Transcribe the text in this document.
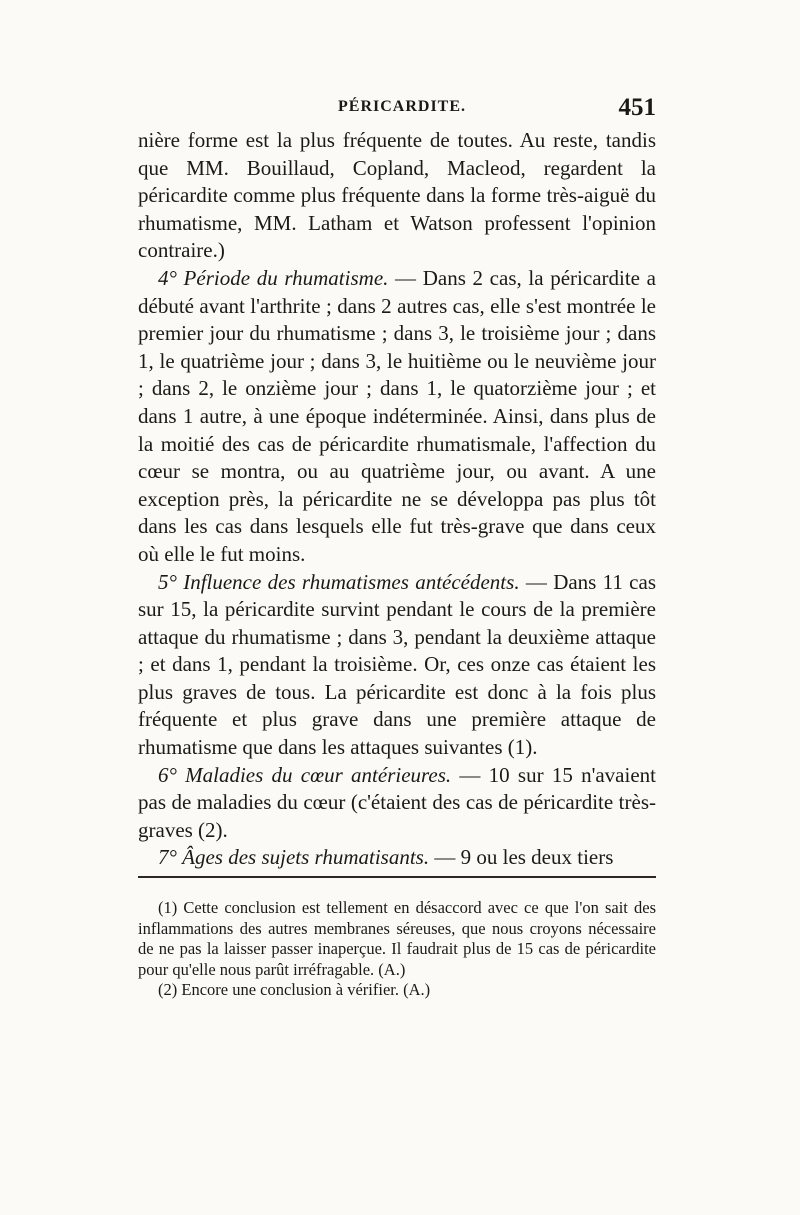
PÉRICARDITE.	451

nière forme est la plus fréquente de toutes. Au reste, tandis que MM. Bouillaud, Copland, Macleod, regardent la péricardite comme plus fréquente dans la forme très-aiguë du rhumatisme, MM. Latham et Watson professent l'opinion contraire.)

4° Période du rhumatisme. — Dans 2 cas, la péricardite a débuté avant l'arthrite ; dans 2 autres cas, elle s'est montrée le premier jour du rhumatisme ; dans 3, le troisième jour ; dans 1, le quatrième jour ; dans 3, le huitième ou le neuvième jour ; dans 2, le onzième jour ; dans 1, le quatorzième jour ; et dans 1 autre, à une époque indéterminée. Ainsi, dans plus de la moitié des cas de péricardite rhumatismale, l'affection du cœur se montra, ou au quatrième jour, ou avant. A une exception près, la péricardite ne se développa pas plus tôt dans les cas dans lesquels elle fut très-grave que dans ceux où elle le fut moins.

5° Influence des rhumatismes antécédents. — Dans 11 cas sur 15, la péricardite survint pendant le cours de la première attaque du rhumatisme ; dans 3, pendant la deuxième attaque ; et dans 1, pendant la troisième. Or, ces onze cas étaient les plus graves de tous. La péricardite est donc à la fois plus fréquente et plus grave dans une première attaque de rhumatisme que dans les attaques suivantes (1).

6° Maladies du cœur antérieures. — 10 sur 15 n'avaient pas de maladies du cœur (c'étaient des cas de péricardite très-graves (2).

7° Âges des sujets rhumatisants. — 9 ou les deux tiers

(1) Cette conclusion est tellement en désaccord avec ce que l'on sait des inflammations des autres membranes séreuses, que nous croyons nécessaire de ne pas la laisser passer inaperçue. Il faudrait plus de 15 cas de péricardite pour qu'elle nous parût irréfragable. (A.)

(2) Encore une conclusion à vérifier. (A.)
